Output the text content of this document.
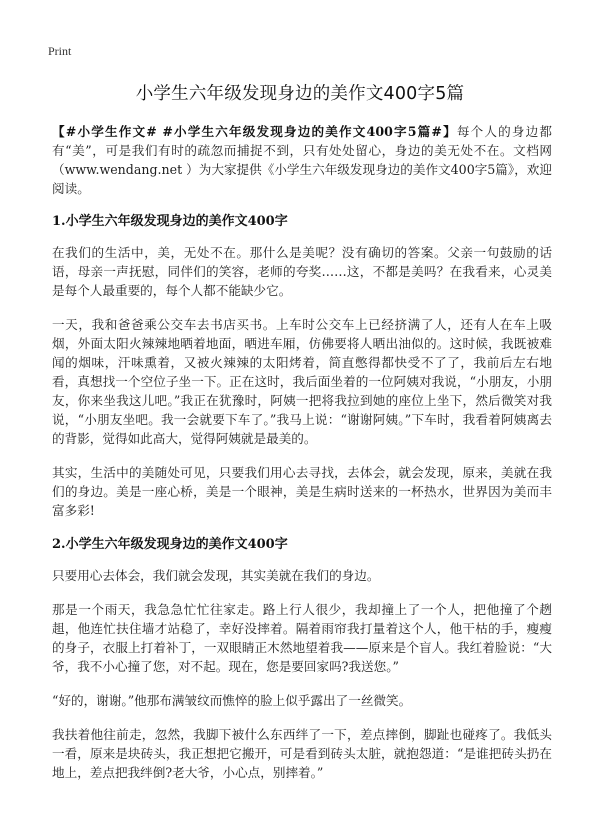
Print
小学生六年级发现身边的美作文400字5篇

【#小学生作文# #小学生六年级发现身边的美作文400字5篇#】每个人的身边都有“美”，可是我们有时的疏忽而捕捉不到，只有处处留心，身边的美无处不在。文档网（www.wendang.net ）为大家提供《小学生六年级发现身边的美作文400字5篇》，欢迎阅读。

1.小学生六年级发现身边的美作文400字

在我们的生活中，美，无处不在。那什么是美呢？没有确切的答案。父亲一句鼓励的话语，母亲一声抚慰，同伴们的笑容，老师的夸奖……这，不都是美吗？在我看来，心灵美是每个人最重要的，每个人都不能缺少它。

一天，我和爸爸乘公交车去书店买书。上车时公交车上已经挤满了人，还有人在车上吸烟，外面太阳火辣辣地晒着地面，晒进车厢，仿佛要将人晒出油似的。这时候，我既被难闻的烟味，汗味熏着，又被火辣辣的太阳烤着，简直憋得都快受不了了，我前后左右地看，真想找一个空位子坐一下。正在这时，我后面坐着的一位阿姨对我说，“小朋友，小朋友，你来坐我这儿吧。”我正在犹豫时，阿姨一把将我拉到她的座位上坐下，然后微笑对我说，“小朋友坐吧。我一会就要下车了。”我马上说：“谢谢阿姨。”下车时，我看着阿姨离去的背影，觉得如此高大，觉得阿姨就是最美的。

其实，生活中的美随处可见，只要我们用心去寻找，去体会，就会发现，原来，美就在我们的身边。美是一座心桥，美是一个眼神，美是生病时送来的一杯热水，世界因为美而丰富多彩!

2.小学生六年级发现身边的美作文400字

只要用心去体会，我们就会发现，其实美就在我们的身边。

那是一个雨天，我急急忙忙往家走。路上行人很少，我却撞上了一个人，把他撞了个趔趄，他连忙扶住墙才站稳了，幸好没摔着。隔着雨帘我打量着这个人，他干枯的手，瘦瘦的身子，衣服上打着补丁，一双眼睛正木然地望着我——原来是个盲人。我红着脸说：“大爷，我不小心撞了您，对不起。现在，您是要回家吗?我送您。”

“好的，谢谢。”他那布满皱纹而憔悴的脸上似乎露出了一丝微笑。

我扶着他往前走，忽然，我脚下被什么东西绊了一下，差点摔倒，脚趾也碰疼了。我低头一看，原来是块砖头，我正想把它搬开，可是看到砖头太脏，就抱怨道：“是谁把砖头扔在地上，差点把我绊倒?老大爷，小心点，别摔着。”
